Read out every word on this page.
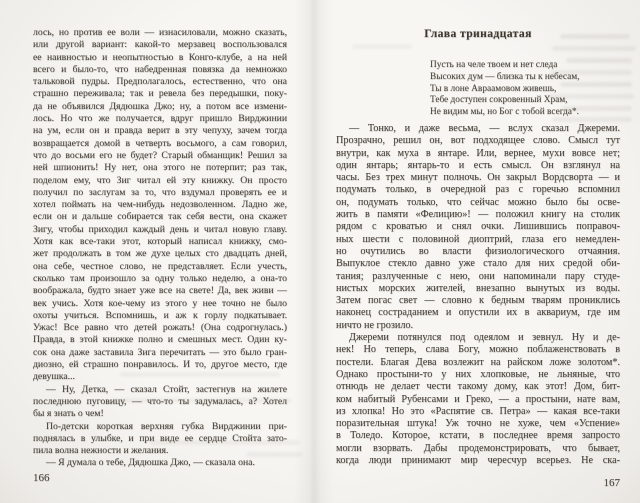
лось, но против ее воли — изнасиловали, можно сказать,
или другой вариант: какой-то мерзавец воспользовался
ее наивностью и неопытностью в Конго-клубе, а на ней
всего и было-то, что набедренная повязка да немножко
тальковой пудры. Предполагалось, естественно, что она
страшно переживала; так и ревела без передышки, поку-
да не объявился Дядюшка Джо; ну, а потом все измени-
лось. Но что же получается, вдруг пришло Вирджинии
на ум, если он и правда верит в эту чепуху, зачем тогда
возвращается домой в четверть восьмого, а сам говорил,
что до восьми его не будет? Старый обманщик! Решил за
ней шпионить! Ну нет, она этого не потерпит; раз так,
поделом ему, что Зиг читал ей эту книжку. Он просто
получил по заслугам за то, что вздумал проверять ее и
хотел поймать на чем-нибудь недозволенном. Ладно же,
если он и дальше собирается так себя вести, она скажет
Зигу, чтобы приходил каждый день и читал новую главу.
Хотя как все-таки этот, который написал книжку, смо-
жет продолжать в том же духе целых сто двадцать дней,
она себе, честное слово, не представляет. Если учесть,
сколько там произошло за одну только неделю, а она-то
воображала, будто знает уже все на свете! Да, век живи —
век учись. Хотя кое-чему из этого у нее точно не было
охоты учиться. Вспомнишь, и аж к горлу подкатывает.
Ужас! Все равно что детей рожать! (Она содрогнулась.)
Правда, в этой книжке полно и смешных мест. Один ку-
сок она даже заставила Зига перечитать — это было гран-
диозно, ей страшно понравилось. И то, другое место, где
девушка...
— Ну, Детка, — сказал Стойт, застегнув на жилете
последнюю пуговицу, — что-то ты задумалась, а? Хотел
бы я знать о чем!
По-детски короткая верхняя губка Вирджинии при-
поднялась в улыбке, и при виде ее сердце Стойта зато-
пила волна нежности и желания.
— Я думала о тебе, Дядюшка Джо, — сказала она.
166
Глава тринадцатая
Пусть на челе твоем и нет следа
Высоких дум — близка ты к небесам,
Ты в лоне Авраамовом живешь,
Тебе доступен сокровенный Храм,
Не видим мы, но Бог с тобой всегда*.
— Тонко, и даже весьма, — вслух сказал Джереми.
Прозрачно, решил он, вот подходящее слово. Смысл тут
внутри, как муха в янтаре. Или, вернее, мухи вовсе нет;
один янтарь; янтарь-то и есть смысл. Он взглянул на
часы. Без трех минут полночь. Он закрыл Вордсворта — и
подумать только, в очередной раз с горечью вспомнил
он, подумать только, что сейчас можно было бы осве-
жить в памяти «Фелицию»! — положил книгу на столик
рядом с кроватью и снял очки. Лишившись поправоч-
ных шести с половиной диоптрий, глаза его немедлен-
но очутились во власти физиологического отчаяния.
Выпуклое стекло давно уже стало для них средой оби-
тания; разлученные с нею, они напоминали пару студе-
нистых морских жителей, внезапно вынутых из воды.
Затем погас свет — словно к бедным тварям прониклись
наконец состраданием и опустили их в аквариум, где им
ничто не грозило.
Джереми потянулся под одеялом и зевнул. Ну и де-
нек! Но теперь, слава Богу, можно поблаженствовать в
постели. Благая Дева возлежит на райском ложе золотом*.
Однако простыни-то у них хлопковые, не льняные, что
отнюдь не делает чести такому дому, как этот! Дом, бит-
ком набитый Рубенсами и Греко, — а простыни, нате вам,
из хлопка! Но это «Распятие св. Петра» — какая все-таки
поразительная штука! Уж точно не хуже, чем «Успение»
в Толедо. Которое, кстати, в последнее время запросто
могли взорвать. Дабы продемонстрировать, что бывает,
когда люди принимают мир чересчур всерьез. Не ска-
167
